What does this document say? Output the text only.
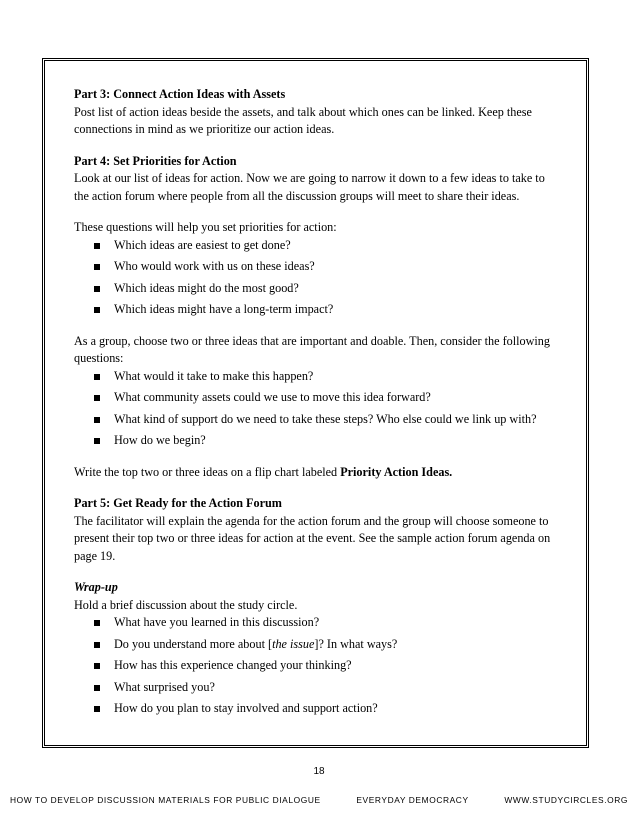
Part 3: Connect Action Ideas with Assets
Post list of action ideas beside the assets, and talk about which ones can be linked. Keep these connections in mind as we prioritize our action ideas.
Part 4: Set Priorities for Action
Look at our list of ideas for action. Now we are going to narrow it down to a few ideas to take to the action forum where people from all the discussion groups will meet to share their ideas.
These questions will help you set priorities for action:
Which ideas are easiest to get done?
Who would work with us on these ideas?
Which ideas might do the most good?
Which ideas might have a long-term impact?
As a group, choose two or three ideas that are important and doable. Then, consider the following questions:
What would it take to make this happen?
What community assets could we use to move this idea forward?
What kind of support do we need to take these steps? Who else could we link up with?
How do we begin?
Write the top two or three ideas on a flip chart labeled Priority Action Ideas.
Part 5: Get Ready for the Action Forum
The facilitator will explain the agenda for the action forum and the group will choose someone to present their top two or three ideas for action at the event. See the sample action forum agenda on page 19.
Wrap-up
Hold a brief discussion about the study circle.
What have you learned in this discussion?
Do you understand more about [the issue]? In what ways?
How has this experience changed your thinking?
What surprised you?
How do you plan to stay involved and support action?
18
HOW TO DEVELOP DISCUSSION MATERIALS FOR PUBLIC DIALOGUE	EVERYDAY DEMOCRACY	WWW.STUDYCIRCLES.ORG
